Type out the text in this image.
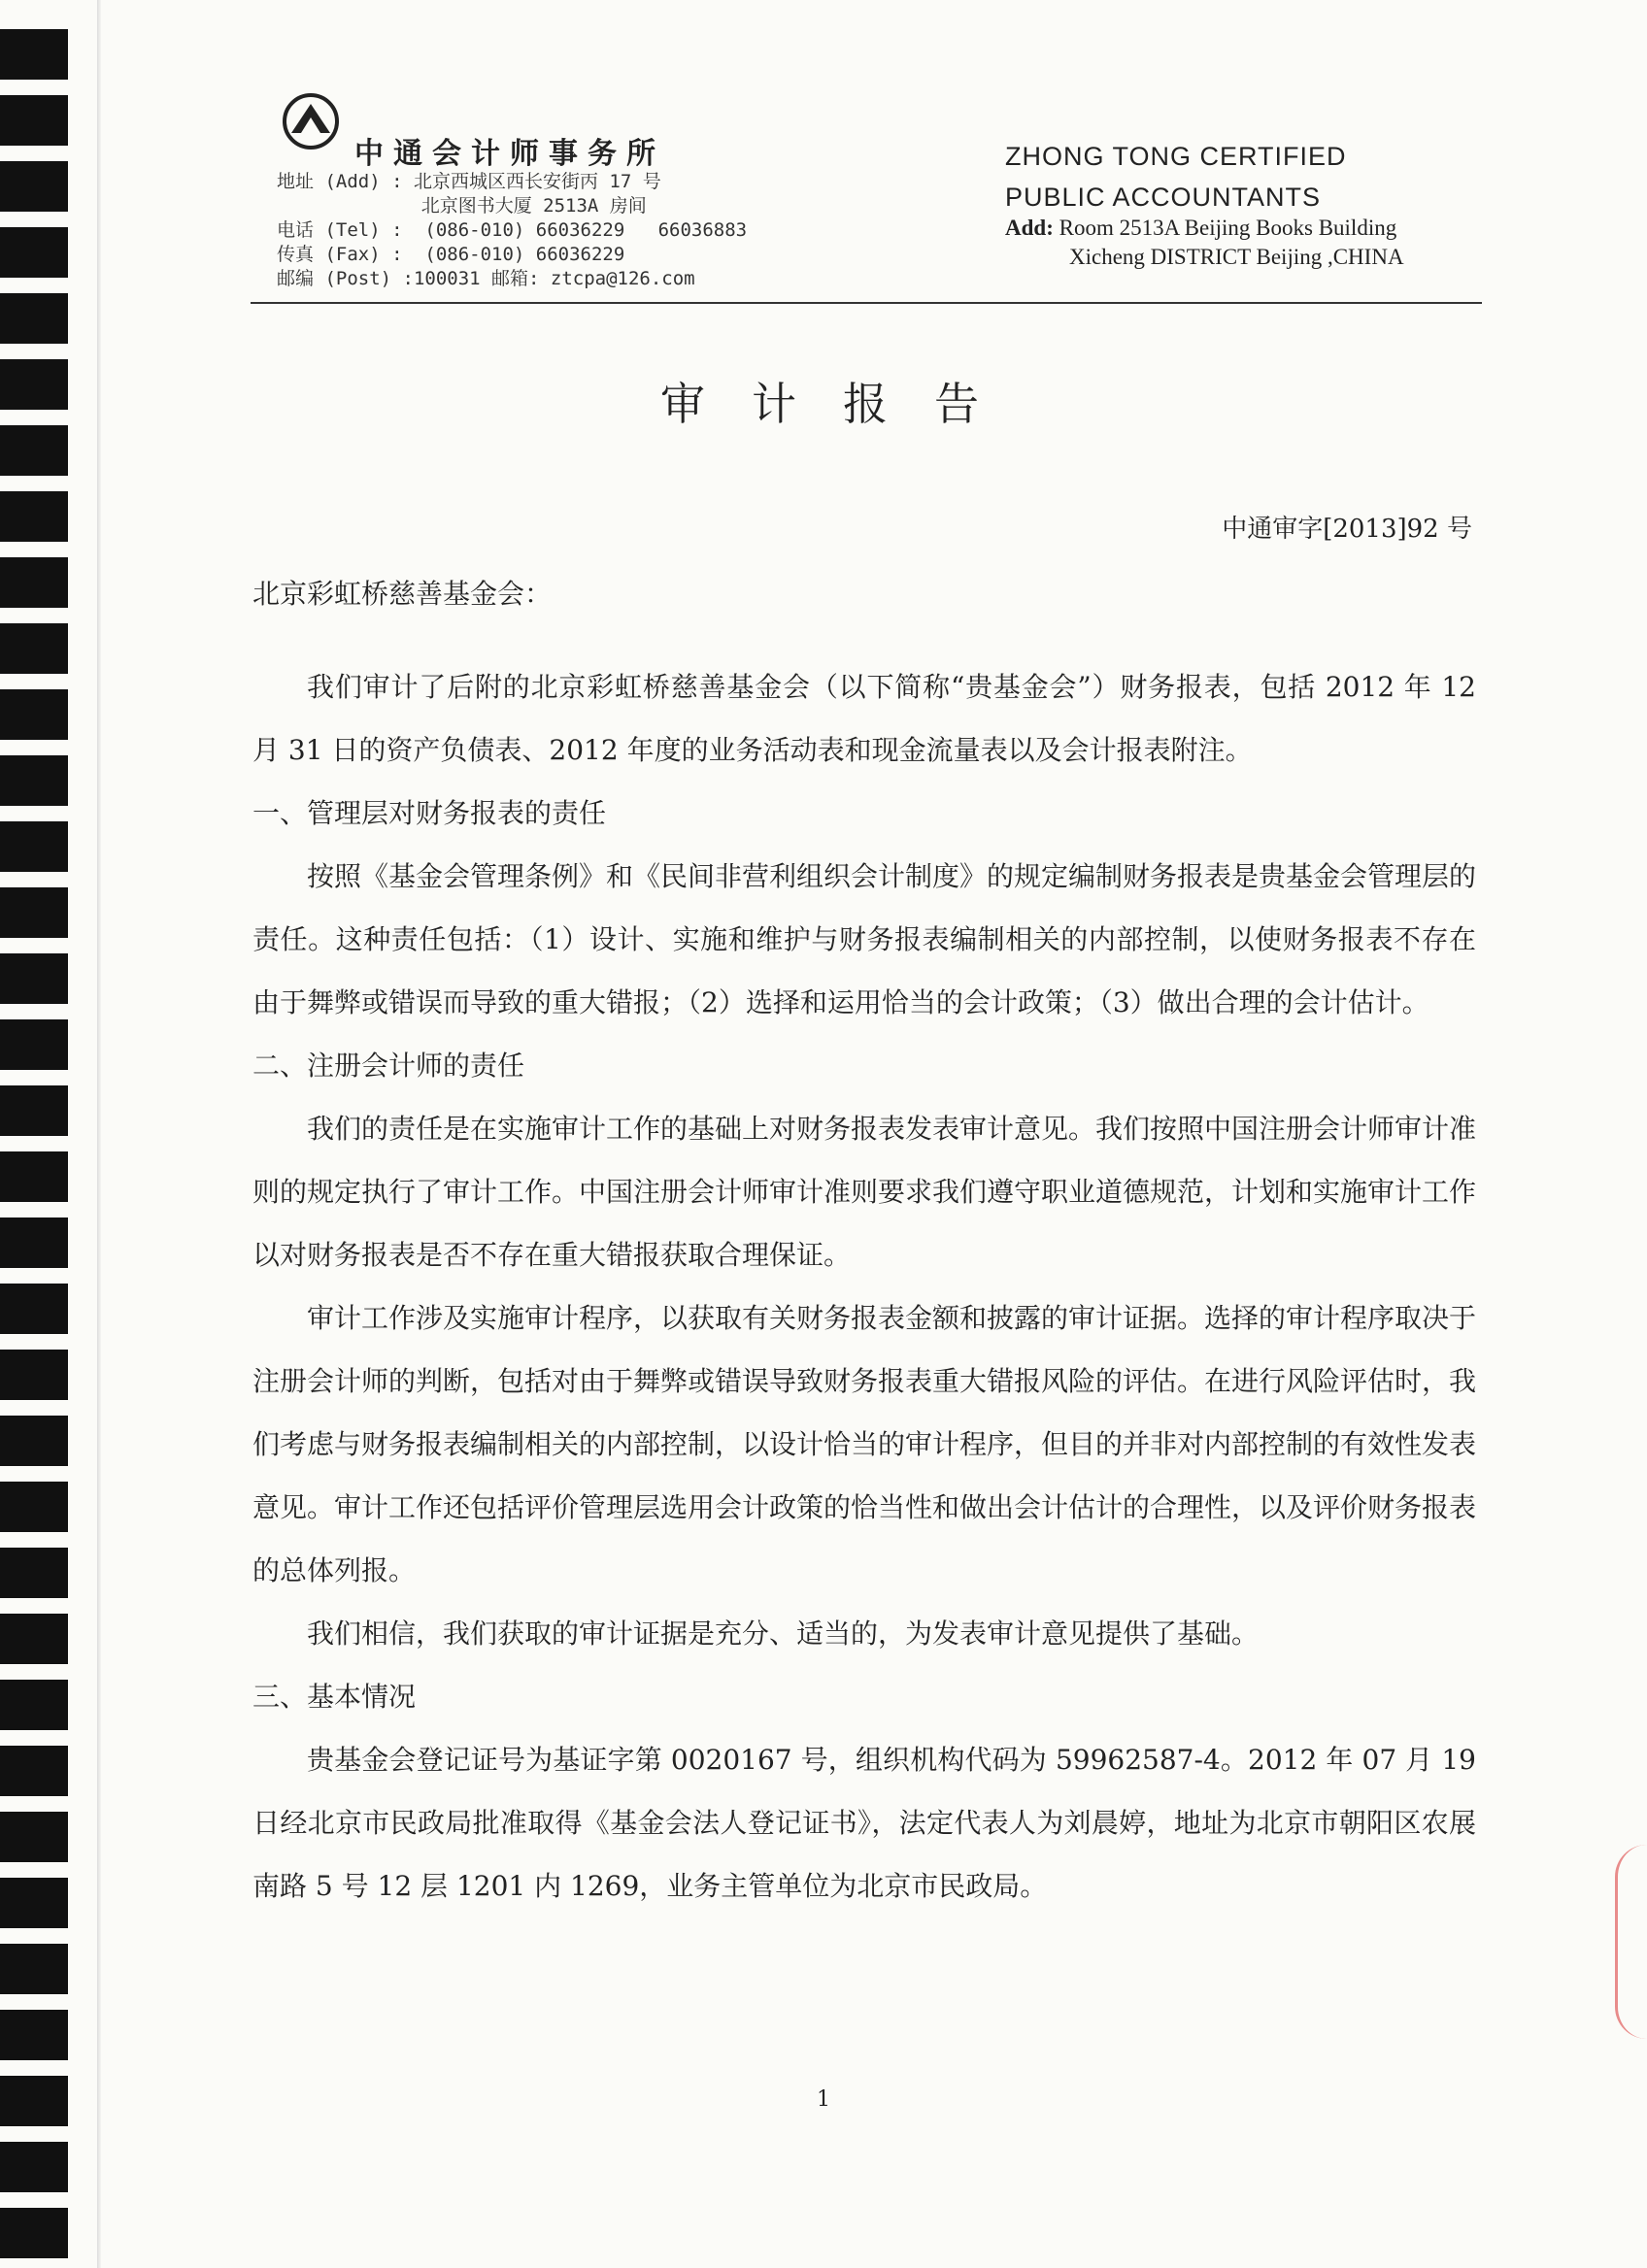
中通会计师事务所
地址 (Add) : 北京西城区西长安街丙 17 号
北京图书大厦 2513A 房间
电话 (Tel) :  (086-010) 66036229   66036883
传真 (Fax) :  (086-010) 66036229
邮编 (Post) :100031 邮箱: ztcpa@126.com
ZHONG TONG CERTIFIED
PUBLIC ACCOUNTANTS
Add: Room 2513A Beijing Books Building
Xicheng DISTRICT Beijing ,CHINA
审计报告
中通审字[2013]92 号
北京彩虹桥慈善基金会：

我们审计了后附的北京彩虹桥慈善基金会（以下简称“贵基金会”）财务报表，包括 2012 年 12 月 31 日的资产负债表、2012 年度的业务活动表和现金流量表以及会计报表附注。

一、管理层对财务报表的责任

按照《基金会管理条例》和《民间非营利组织会计制度》的规定编制财务报表是贵基金会管理层的责任。这种责任包括：（1）设计、实施和维护与财务报表编制相关的内部控制，以使财务报表不存在由于舞弊或错误而导致的重大错报；（2）选择和运用恰当的会计政策；（3）做出合理的会计估计。

二、注册会计师的责任

我们的责任是在实施审计工作的基础上对财务报表发表审计意见。我们按照中国注册会计师审计准则的规定执行了审计工作。中国注册会计师审计准则要求我们遵守职业道德规范，计划和实施审计工作以对财务报表是否不存在重大错报获取合理保证。

审计工作涉及实施审计程序，以获取有关财务报表金额和披露的审计证据。选择的审计程序取决于注册会计师的判断，包括对由于舞弊或错误导致财务报表重大错报风险的评估。在进行风险评估时，我们考虑与财务报表编制相关的内部控制，以设计恰当的审计程序，但目的并非对内部控制的有效性发表意见。审计工作还包括评价管理层选用会计政策的恰当性和做出会计估计的合理性，以及评价财务报表的总体列报。

我们相信，我们获取的审计证据是充分、适当的，为发表审计意见提供了基础。

三、基本情况

贵基金会登记证号为基证字第 0020167 号，组织机构代码为 59962587-4。2012 年 07 月 19 日经北京市民政局批准取得《基金会法人登记证书》，法定代表人为刘晨婷，地址为北京市朝阳区农展南路 5 号 12 层 1201 内 1269，业务主管单位为北京市民政局。

1
